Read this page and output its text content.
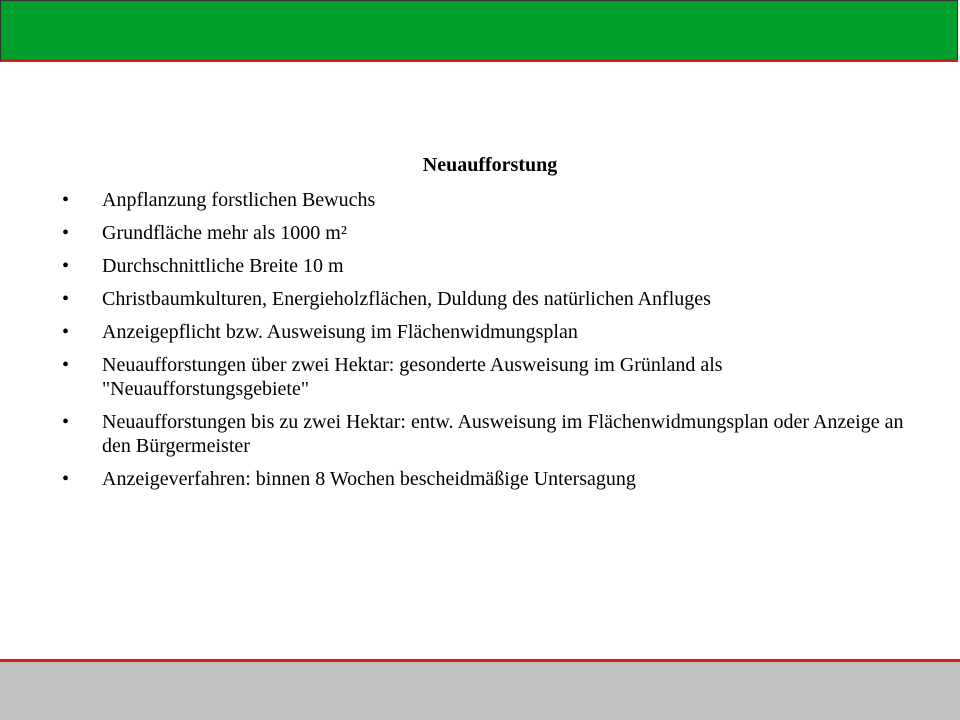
Neuaufforstung
•	Anpflanzung forstlichen Bewuchs
•	Grundfläche mehr als 1000 m²
•	Durchschnittliche Breite 10 m
•	Christbaumkulturen, Energieholzflächen, Duldung des natürlichen Anfluges
•	Anzeigepflicht bzw. Ausweisung im Flächenwidmungsplan
•	Neuaufforstungen über zwei Hektar: gesonderte Ausweisung im Grünland als "Neuaufforstungsgebiete"
•	Neuaufforstungen bis zu zwei Hektar: entw. Ausweisung im Flächenwidmungsplan oder Anzeige an den Bürgermeister
•	Anzeigeverfahren: binnen 8 Wochen bescheidmäßige Untersagung
